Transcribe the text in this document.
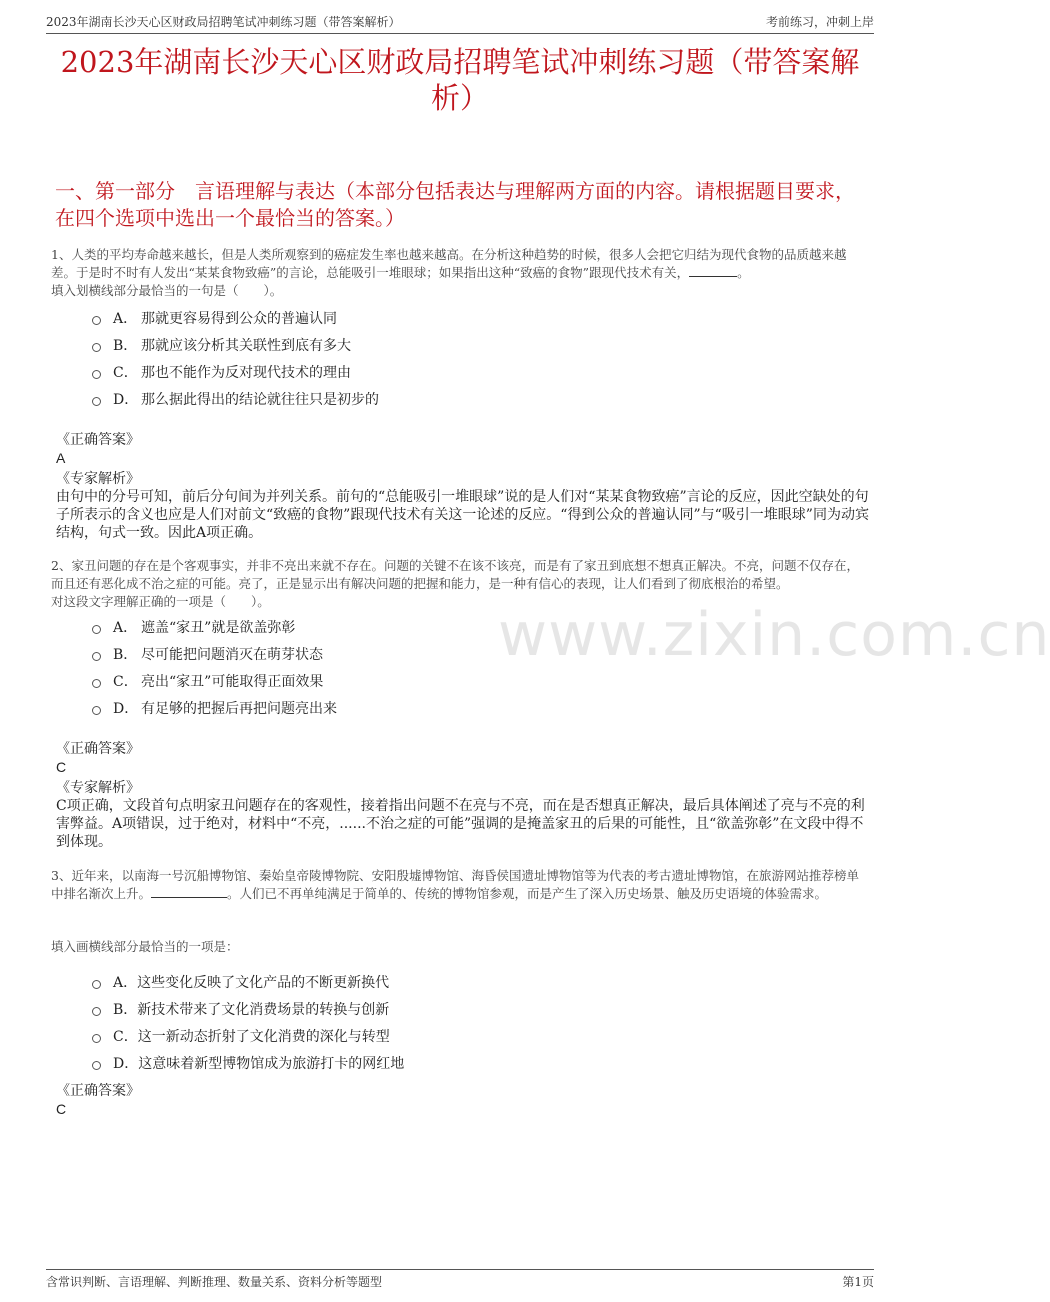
2023年湖南长沙天心区财政局招聘笔试冲刺练习题（带答案解析）	考前练习，冲刺上岸
2023年湖南长沙天心区财政局招聘笔试冲刺练习题（带答案解析）
一、第一部分　言语理解与表达（本部分包括表达与理解两方面的内容。请根据题目要求，在四个选项中选出一个最恰当的答案。）
www.zixin.com.cn
1、人类的平均寿命越来越长，但是人类所观察到的癌症发生率也越来越高。在分析这种趋势的时候，很多人会把它归结为现代食物的品质越来越差。于是时不时有人发出“某某食物致癌”的言论，总能吸引一堆眼球；如果指出这种“致癌的食物”跟现代技术有关，	。
填入划横线部分最恰当的一句是（　　）。
A． 那就更容易得到公众的普遍认同
B． 那就应该分析其关联性到底有多大
C． 那也不能作为反对现代技术的理由
D． 那么据此得出的结论就往往只是初步的
《正确答案》
A
《专家解析》
由句中的分号可知，前后分句间为并列关系。前句的“总能吸引一堆眼球”说的是人们对“某某食物致癌”言论的反应，因此空缺处的句子所表示的含义也应是人们对前文“致癌的食物”跟现代技术有关这一论述的反应。“得到公众的普遍认同”与“吸引一堆眼球”同为动宾结构，句式一致。因此A项正确。
2、家丑问题的存在是个客观事实，并非不亮出来就不存在。问题的关键不在该不该亮，而是有了家丑到底想不想真正解决。不亮，问题不仅存在，而且还有恶化成不治之症的可能。亮了，正是显示出有解决问题的把握和能力，是一种有信心的表现，让人们看到了彻底根治的希望。
对这段文字理解正确的一项是（　　）。
A． 遮盖“家丑”就是欲盖弥彰
B． 尽可能把问题消灭在萌芽状态
C． 亮出“家丑”可能取得正面效果
D． 有足够的把握后再把问题亮出来
《正确答案》
C
《专家解析》
C项正确，文段首句点明家丑问题存在的客观性，接着指出问题不在亮与不亮，而在是否想真正解决，最后具体阐述了亮与不亮的利害弊益。A项错误，过于绝对，材料中“不亮，......不治之症的可能”强调的是掩盖家丑的后果的可能性，且“欲盖弥彰”在文段中得不到体现。
3、近年来，以南海一号沉船博物馆、秦始皇帝陵博物院、安阳殷墟博物馆、海昏侯国遗址博物馆等为代表的考古遗址博物馆，在旅游网站推荐榜单中排名渐次上升。	。人们已不再单纯满足于简单的、传统的博物馆参观，而是产生了深入历史场景、触及历史语境的体验需求。
填入画横线部分最恰当的一项是：
A． 这些变化反映了文化产品的不断更新换代
B． 新技术带来了文化消费场景的转换与创新
C． 这一新动态折射了文化消费的深化与转型
D． 这意味着新型博物馆成为旅游打卡的网红地
《正确答案》
C
含常识判断、言语理解、判断推理、数量关系、资料分析等题型	第1页
